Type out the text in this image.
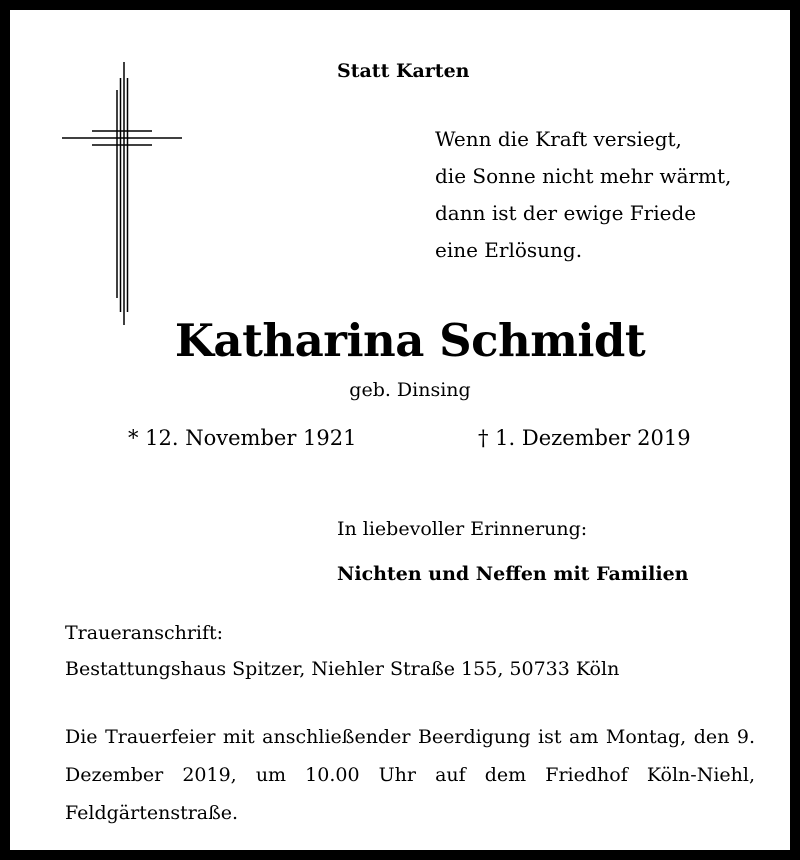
Statt Karten
Wenn die Kraft versiegt,
die Sonne nicht mehr wärmt,
dann ist der ewige Friede
eine Erlösung.
Katharina Schmidt
geb. Dinsing
* 12. November 1921	† 1. Dezember 2019
In liebevoller Erinnerung:
Nichten und Neffen mit Familien
Traueranschrift:
Bestattungshaus Spitzer, Niehler Straße 155, 50733 Köln
Die Trauerfeier mit anschließender Beerdigung ist am Montag, den 9. Dezember 2019, um 10.00 Uhr auf dem Friedhof Köln-Niehl, Feldgärtenstraße.
